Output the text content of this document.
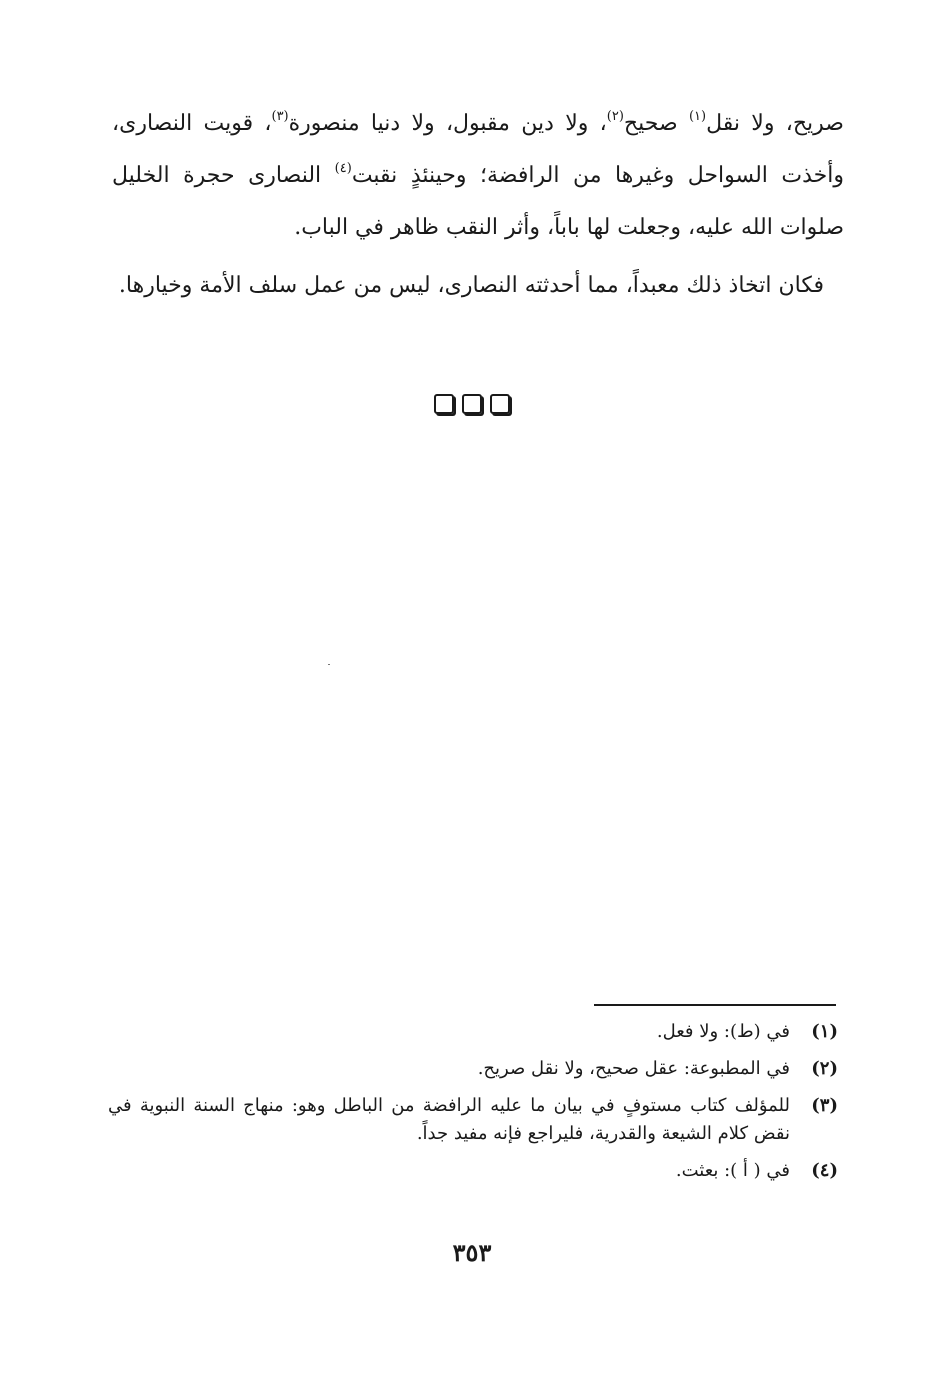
صريح، ولا نقل$^{(١)}$ صحيح$^{(٢)}$، ولا دين مقبول، ولا دنيا منصورة$^{(٣)}$، قويت النصارى، وأخذت السواحل وغيرها من الرافضة؛ وحينئذٍ نقبت$^{(٤)}$ النصارى حجرة الخليل صلوات الله عليه، وجعلت لها باباً، وأثر النقب ظاهر في الباب.

فكان اتخاذ ذلك معبداً، مما أحدثته النصارى، ليس من عمل سلف الأمة وخيارها.

(١)
في (ط): ولا فعل.
(٢)
في المطبوعة: عقل صحيح، ولا نقل صريح.
(٣)
للمؤلف كتاب مستوفٍ في بيان ما عليه الرافضة من الباطل وهو: منهاج السنة النبوية في نقض كلام الشيعة والقدرية، فليراجع فإنه مفيد جداً.
(٤)
في ( أ ): بعثت.
٣٥٣
